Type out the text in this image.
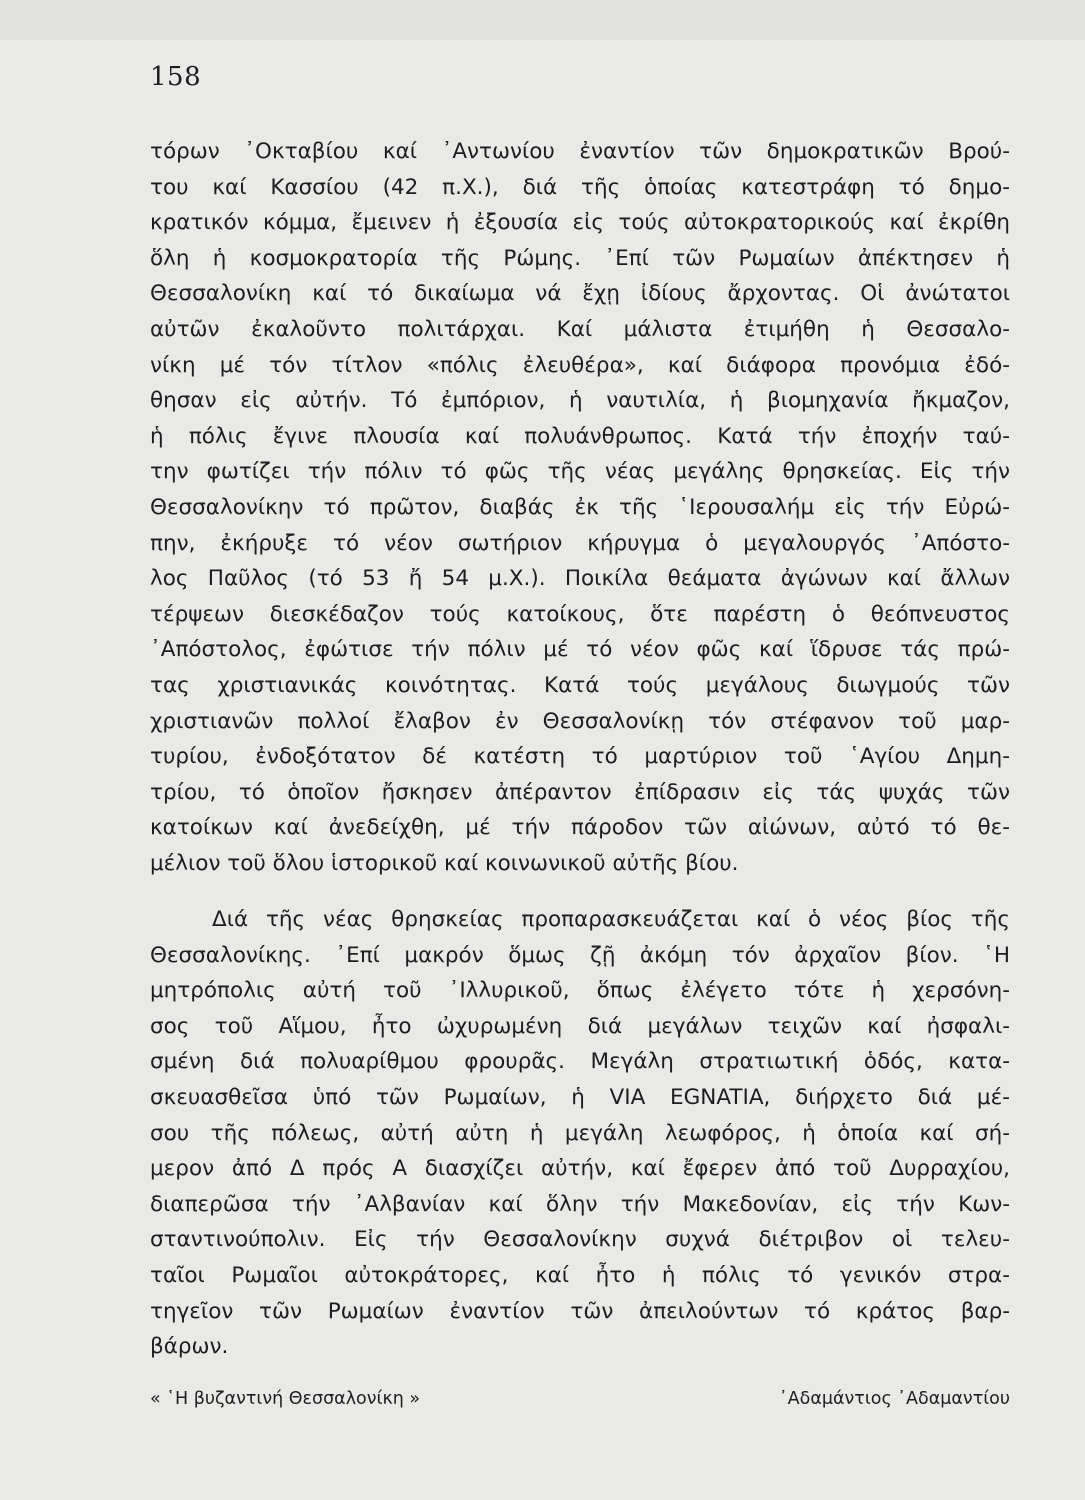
158
τόρων ᾿Οκταβίου καί ᾿Αντωνίου ἐναντίον τῶν δημοκρατικῶν Βρού-
του καί Κασσίου (42 π.Χ.), διά τῆς ὁποίας κατεστράφη τό δημο-
κρατικόν κόμμα, ἔμεινεν ἡ ἐξουσία εἰς τούς αὐτοκρατορικούς καί ἐκρίθη
ὅλη ἡ κοσμοκρατορία τῆς Ρώμης. ᾿Επί τῶν Ρωμαίων ἀπέκτησεν ἡ
Θεσσαλονίκη καί τό δικαίωμα νά ἔχῃ ἰδίους ἄρχοντας. Οἱ ἀνώτατοι
αὐτῶν ἐκαλοῦντο πολιτάρχαι. Καί μάλιστα ἐτιμήθη ἡ Θεσσαλο-
νίκη μέ τόν τίτλον «πόλις ἐλευθέρα», καί διάφορα προνόμια ἐδό-
θησαν εἰς αὐτήν. Τό ἐμπόριον, ἡ ναυτιλία, ἡ βιομηχανία ἤκμαζον,
ἡ πόλις ἔγινε πλουσία καί πολυάνθρωπος. Κατά τήν ἐποχήν ταύ-
την φωτίζει τήν πόλιν τό φῶς τῆς νέας μεγάλης θρησκείας. Εἰς τήν
Θεσσαλονίκην τό πρῶτον, διαβάς ἐκ τῆς ῾Ιερουσαλήμ εἰς τήν Εὐρώ-
πην, ἐκήρυξε τό νέον σωτήριον κήρυγμα ὁ μεγαλουργός ᾿Απόστο-
λος Παῦλος (τό 53 ἤ 54 μ.Χ.). Ποικίλα θεάματα ἀγώνων καί ἄλλων
τέρψεων διεσκέδαζον τούς κατοίκους, ὅτε παρέστη ὁ θεόπνευστος
᾿Απόστολος, ἐφώτισε τήν πόλιν μέ τό νέον φῶς καί ἵδρυσε τάς πρώ-
τας χριστιανικάς κοινότητας. Κατά τούς μεγάλους διωγμούς τῶν
χριστιανῶν πολλοί ἔλαβον ἐν Θεσσαλονίκῃ τόν στέφανον τοῦ μαρ-
τυρίου, ἐνδοξότατον δέ κατέστη τό μαρτύριον τοῦ ῾Αγίου Δημη-
τρίου, τό ὁποῖον ἤσκησεν ἀπέραντον ἐπίδρασιν εἰς τάς ψυχάς τῶν
κατοίκων καί ἀνεδείχθη, μέ τήν πάροδον τῶν αἰώνων, αὐτό τό θε-
μέλιον τοῦ ὅλου ἱστορικοῦ καί κοινωνικοῦ αὐτῆς βίου.
Διά τῆς νέας θρησκείας προπαρασκευάζεται καί ὁ νέος βίος τῆς
Θεσσαλονίκης. ᾿Επί μακρόν ὅμως ζῇ ἀκόμη τόν ἀρχαῖον βίον. ῾Η
μητρόπολις αὐτή τοῦ ᾿Ιλλυρικοῦ, ὅπως ἐλέγετο τότε ἡ χερσόνη-
σος τοῦ Αἵμου, ἦτο ὠχυρωμένη διά μεγάλων τειχῶν καί ἠσφαλι-
σμένη διά πολυαρίθμου φρουρᾶς. Μεγάλη στρατιωτική ὁδός, κατα-
σκευασθεῖσα ὑπό τῶν Ρωμαίων, ἡ VIA EGNATIA, διήρχετο διά μέ-
σου τῆς πόλεως, αὐτή αὐτη ἡ μεγάλη λεωφόρος, ἡ ὁποία καί σή-
μερον ἀπό Δ πρός Α διασχίζει αὐτήν, καί ἔφερεν ἀπό τοῦ Δυρραχίου,
διαπερῶσα τήν ᾿Αλβανίαν καί ὅλην τήν Μακεδονίαν, εἰς τήν Κων-
σταντινούπολιν. Εἰς τήν Θεσσαλονίκην συχνά διέτριβον οἱ τελευ-
ταῖοι Ρωμαῖοι αὐτοκράτορες, καί ἦτο ἡ πόλις τό γενικόν στρα-
τηγεῖον τῶν Ρωμαίων ἐναντίον τῶν ἀπειλούντων τό κράτος βαρ-
βάρων.
« ῾Η βυζαντινή Θεσσαλονίκη »	᾿Αδαμάντιος ᾿Αδαμαντίου
